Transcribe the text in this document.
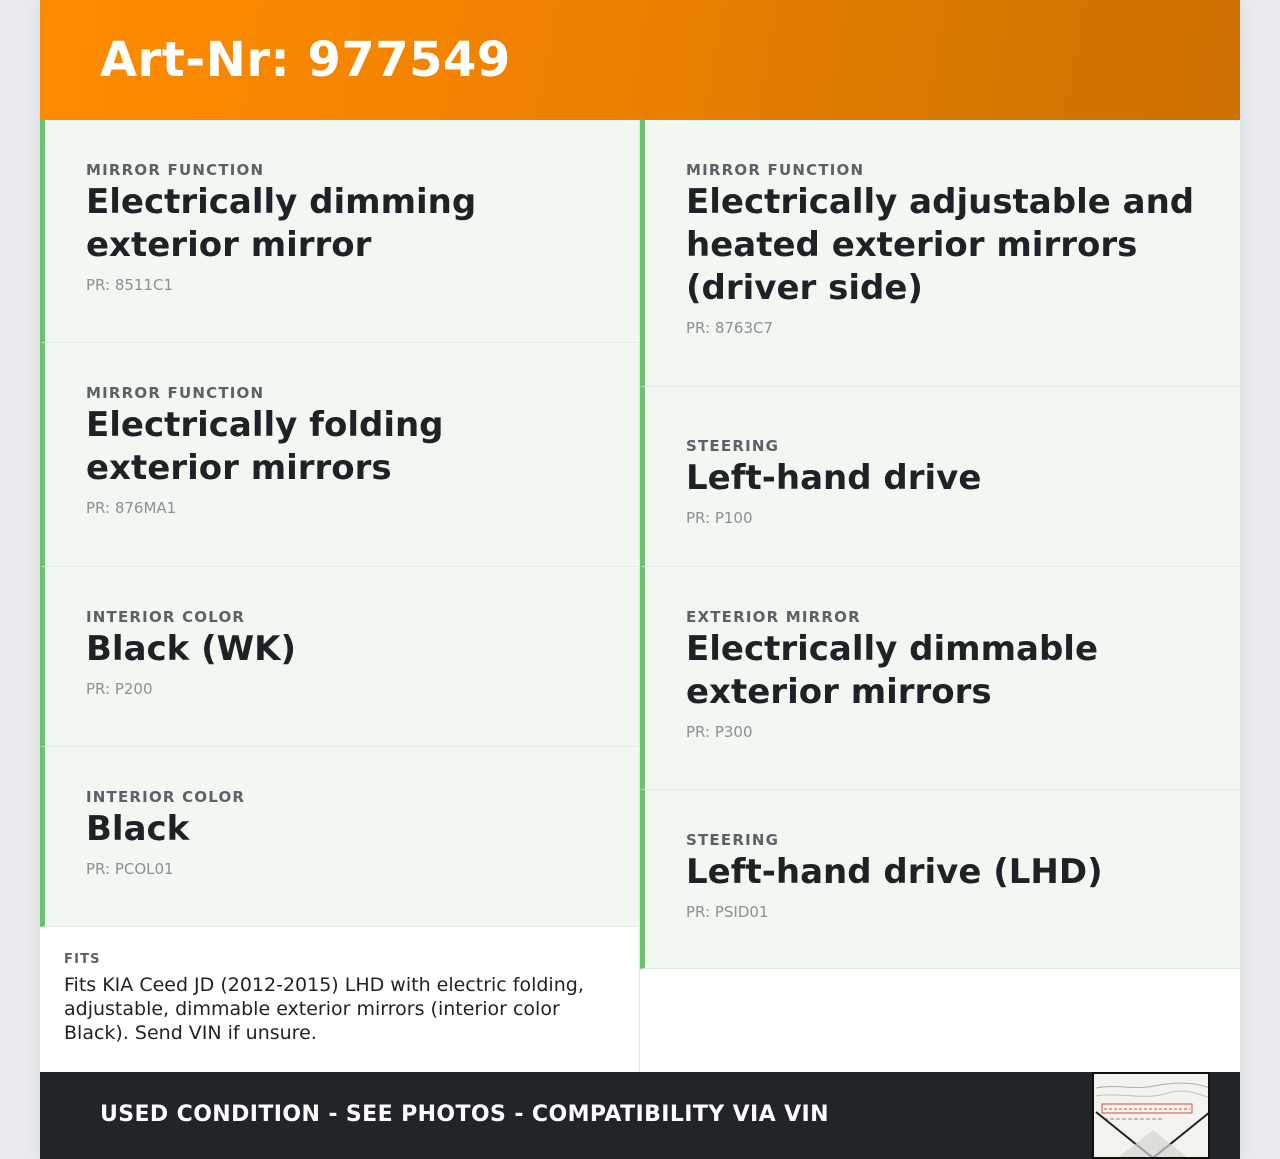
Art-Nr: 977549
MIRROR FUNCTION
Electrically dimming exterior mirror
PR: 8511C1
MIRROR FUNCTION
Electrically folding exterior mirrors
PR: 876MA1
INTERIOR COLOR
Black (WK)
PR: P200
INTERIOR COLOR
Black
PR: PCOL01
FITS
Fits KIA Ceed JD (2012-2015) LHD with electric folding, adjustable, dimmable exterior mirrors (interior color Black). Send VIN if unsure.
MIRROR FUNCTION
Electrically adjustable and heated exterior mirrors (driver side)
PR: 8763C7
STEERING
Left-hand drive
PR: P100
EXTERIOR MIRROR
Electrically dimmable exterior mirrors
PR: P300
STEERING
Left-hand drive (LHD)
PR: PSID01
USED CONDITION - SEE PHOTOS - COMPATIBILITY VIA VIN
